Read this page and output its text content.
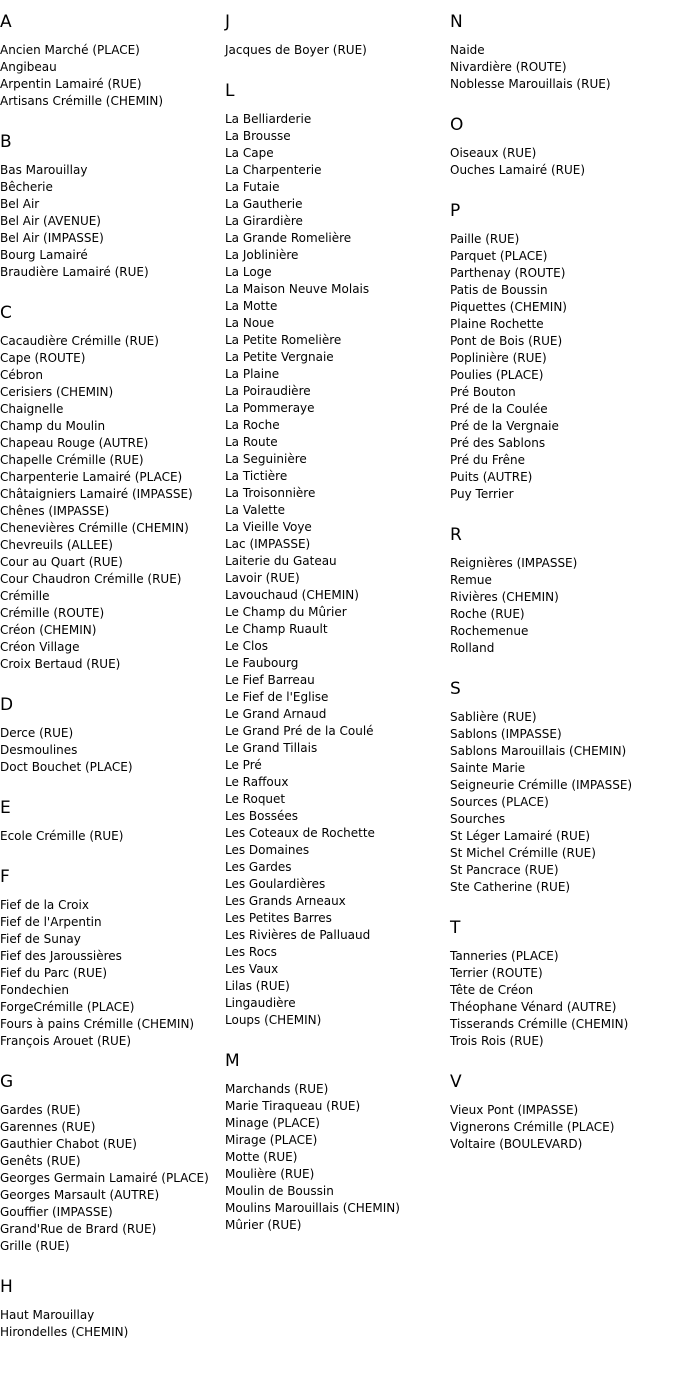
A
Ancien Marché (PLACE)
Angibeau
Arpentin Lamairé (RUE)
Artisans Crémille (CHEMIN)
B
Bas Marouillay
Bêcherie
Bel Air
Bel Air (AVENUE)
Bel Air (IMPASSE)
Bourg Lamairé
Braudière Lamairé (RUE)
C
Cacaudière Crémille (RUE)
Cape (ROUTE)
Cébron
Cerisiers (CHEMIN)
Chaignelle
Champ du Moulin
Chapeau Rouge (AUTRE)
Chapelle Crémille (RUE)
Charpenterie Lamairé (PLACE)
Châtaigniers Lamairé (IMPASSE)
Chênes (IMPASSE)
Chenevières Crémille (CHEMIN)
Chevreuils (ALLEE)
Cour au Quart (RUE)
Cour Chaudron Crémille (RUE)
Crémille
Crémille (ROUTE)
Créon (CHEMIN)
Créon Village
Croix Bertaud (RUE)
D
Derce (RUE)
Desmoulines
Doct Bouchet (PLACE)
E
Ecole Crémille (RUE)
F
Fief de la Croix
Fief de l'Arpentin
Fief de Sunay
Fief des Jaroussières
Fief du Parc (RUE)
Fondechien
ForgeCrémille (PLACE)
Fours à pains Crémille (CHEMIN)
François Arouet (RUE)
G
Gardes (RUE)
Garennes (RUE)
Gauthier Chabot (RUE)
Genêts (RUE)
Georges Germain Lamairé (PLACE)
Georges Marsault (AUTRE)
Gouffier (IMPASSE)
Grand'Rue de Brard (RUE)
Grille (RUE)
H
Haut Marouillay
Hirondelles (CHEMIN)
J
Jacques de Boyer (RUE)
L
La Belliarderie
La Brousse
La Cape
La Charpenterie
La Futaie
La Gautherie
La Girardière
La Grande Romelière
La Joblinière
La Loge
La Maison Neuve Molais
La Motte
La Noue
La Petite Romelière
La Petite Vergnaie
La Plaine
La Poiraudière
La Pommeraye
La Roche
La Route
La Seguinière
La Tictière
La Troisonnière
La Valette
La Vieille Voye
Lac (IMPASSE)
Laiterie du Gateau
Lavoir (RUE)
Lavouchaud (CHEMIN)
Le Champ du Mûrier
Le Champ Ruault
Le Clos
Le Faubourg
Le Fief Barreau
Le Fief de l'Eglise
Le Grand Arnaud
Le Grand Pré de la Coulé
Le Grand Tillais
Le Pré
Le Raffoux
Le Roquet
Les Bossées
Les Coteaux de Rochette
Les Domaines
Les Gardes
Les Goulardières
Les Grands Arneaux
Les Petites Barres
Les Rivières de Palluaud
Les Rocs
Les Vaux
Lilas (RUE)
Lingaudière
Loups (CHEMIN)
M
Marchands (RUE)
Marie Tiraqueau (RUE)
Minage (PLACE)
Mirage (PLACE)
Motte (RUE)
Moulière (RUE)
Moulin de Boussin
Moulins Marouillais (CHEMIN)
Mûrier (RUE)
N
Naide
Nivardière (ROUTE)
Noblesse Marouillais (RUE)
O
Oiseaux (RUE)
Ouches Lamairé (RUE)
P
Paille (RUE)
Parquet (PLACE)
Parthenay (ROUTE)
Patis de Boussin
Piquettes (CHEMIN)
Plaine Rochette
Pont de Bois (RUE)
Poplinière (RUE)
Poulies (PLACE)
Pré Bouton
Pré de la Coulée
Pré de la Vergnaie
Pré des Sablons
Pré du Frêne
Puits (AUTRE)
Puy Terrier
R
Reignières (IMPASSE)
Remue
Rivières (CHEMIN)
Roche (RUE)
Rochemenue
Rolland
S
Sablière (RUE)
Sablons (IMPASSE)
Sablons Marouillais (CHEMIN)
Sainte Marie
Seigneurie Crémille (IMPASSE)
Sources (PLACE)
Sourches
St Léger Lamairé (RUE)
St Michel Crémille (RUE)
St Pancrace (RUE)
Ste Catherine (RUE)
T
Tanneries (PLACE)
Terrier (ROUTE)
Tête de Créon
Théophane Vénard (AUTRE)
Tisserands Crémille (CHEMIN)
Trois Rois (RUE)
V
Vieux Pont (IMPASSE)
Vignerons Crémille (PLACE)
Voltaire (BOULEVARD)
